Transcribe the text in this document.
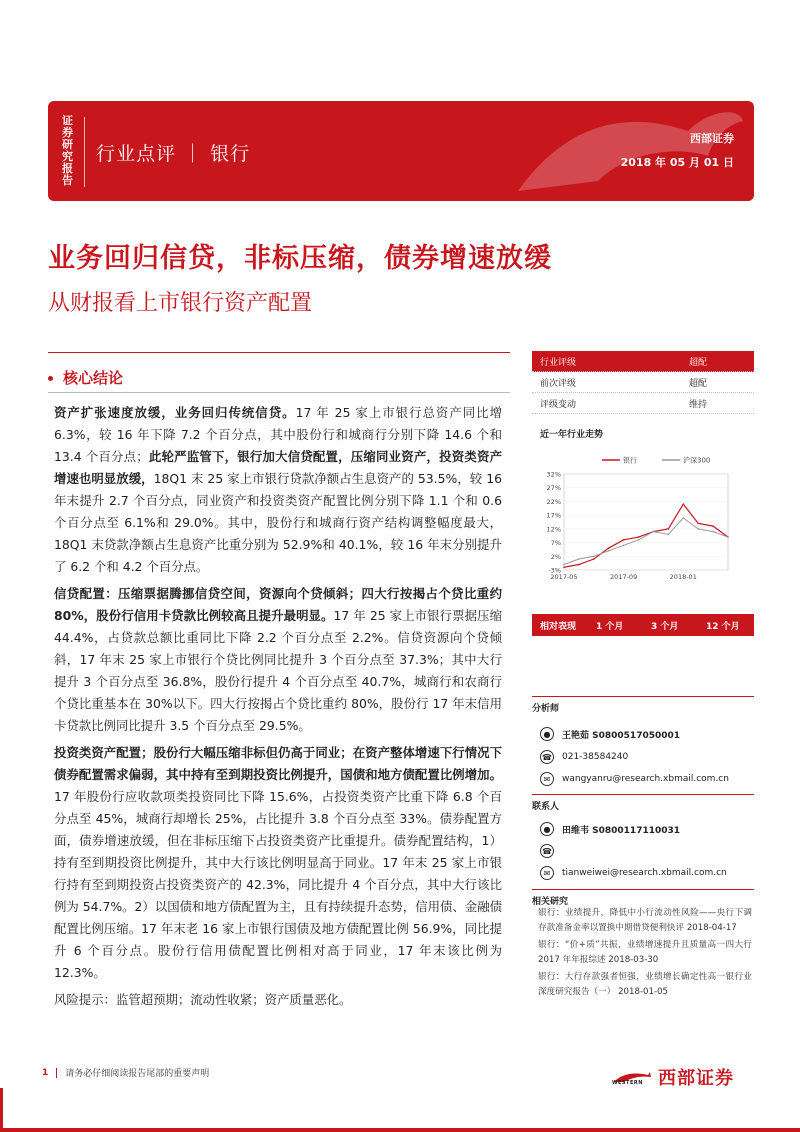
证券研究报告
行业点评 ｜ 银行
西部证券
2018 年 05 月 01 日
业务回归信贷，非标压缩，债券增速放缓
从财报看上市银行资产配置
核心结论

资产扩张速度放缓，业务回归传统信贷。17 年 25 家上市银行总资产同比增 6.3%，较 16 年下降 7.2 个百分点，其中股份行和城商行分别下降 14.6 个和 13.4 个百分点；此轮严监管下，银行加大信贷配置，压缩同业资产，投资类资产增速也明显放缓，18Q1 末 25 家上市银行贷款净额占生息资产的 53.5%，较 16 年末提升 2.7 个百分点，同业资产和投资类资产配置比例分别下降 1.1 个和 0.6 个百分点至 6.1%和 29.0%。其中，股份行和城商行资产结构调整幅度最大，18Q1 末贷款净额占生息资产比重分别为 52.9%和 40.1%，较 16 年末分别提升了 6.2 个和 4.2 个百分点。

信贷配置：压缩票据腾挪信贷空间，资源向个贷倾斜；四大行按揭占个贷比重约 80%，股份行信用卡贷款比例较高且提升最明显。17 年 25 家上市银行票据压缩 44.4%，占贷款总额比重同比下降 2.2 个百分点至 2.2%。信贷资源向个贷倾斜，17 年末 25 家上市银行个贷比例同比提升 3 个百分点至 37.3%；其中大行提升 3 个百分点至 36.8%，股份行提升 4 个百分点至 40.7%，城商行和农商行个贷比重基本在 30%以下。四大行按揭占个贷比重约 80%，股份行 17 年末信用卡贷款比例同比提升 3.5 个百分点至 29.5%。

投资类资产配置；股份行大幅压缩非标但仍高于同业；在资产整体增速下行情况下债券配置需求偏弱，其中持有至到期投资比例提升，国债和地方债配置比例增加。17 年股份行应收款项类投资同比下降 15.6%，占投资类资产比重下降 6.8 个百分点至 45%，城商行却增长 25%，占比提升 3.8 个百分点至 33%。债券配置方面，债券增速放缓，但在非标压缩下占投资类资产比重提升。债券配置结构，1）持有至到期投资比例提升，其中大行该比例明显高于同业。17 年末 25 家上市银行持有至到期投资占投资类资产的 42.3%，同比提升 4 个百分点，其中大行该比例为 54.7%。2）以国债和地方债配置为主，且有持续提升态势，信用债、金融债配置比例压缩。17 年末老 16 家上市银行国债及地方债配置比例 56.9%，同比提升 6 个百分点。股份行信用债配置比例相对高于同业，17 年末该比例为 12.3%。

风险提示：监管超预期；流动性收紧；资产质量恶化。

行业评级	超配
前次评级	超配
评级变动	维持
近一年行业走势
32%
27%
22%
17%
12%
7%
2%
-3%
2017-05	2017-09	2018-01
银行	沪深300
相对表现	1 个月	3 个月	12 个月
分析师
●	王艳茹 S0800517050001
☎ 021-38584240
✉	wangyanru@research.xbmail.com.cn
联系人
●	田维韦 S0800117110031
☎
✉	tianweiwei@research.xbmail.com.cn
相关研究

银行：业绩提升，降低中小行流动性风险——央行下调存款准备金率以置换中期借贷便利快评 2018-04-17

银行：“价+质”共振，业绩增速提升且质量高一四大行 2017 年年报综述 2018-03-30

银行：大行存款强者恒强，业绩增长确定性高一银行业深度研究报告（一） 2018-01-05

1 请务必仔细阅读报告尾部的重要声明
WESTERN 西部证券
